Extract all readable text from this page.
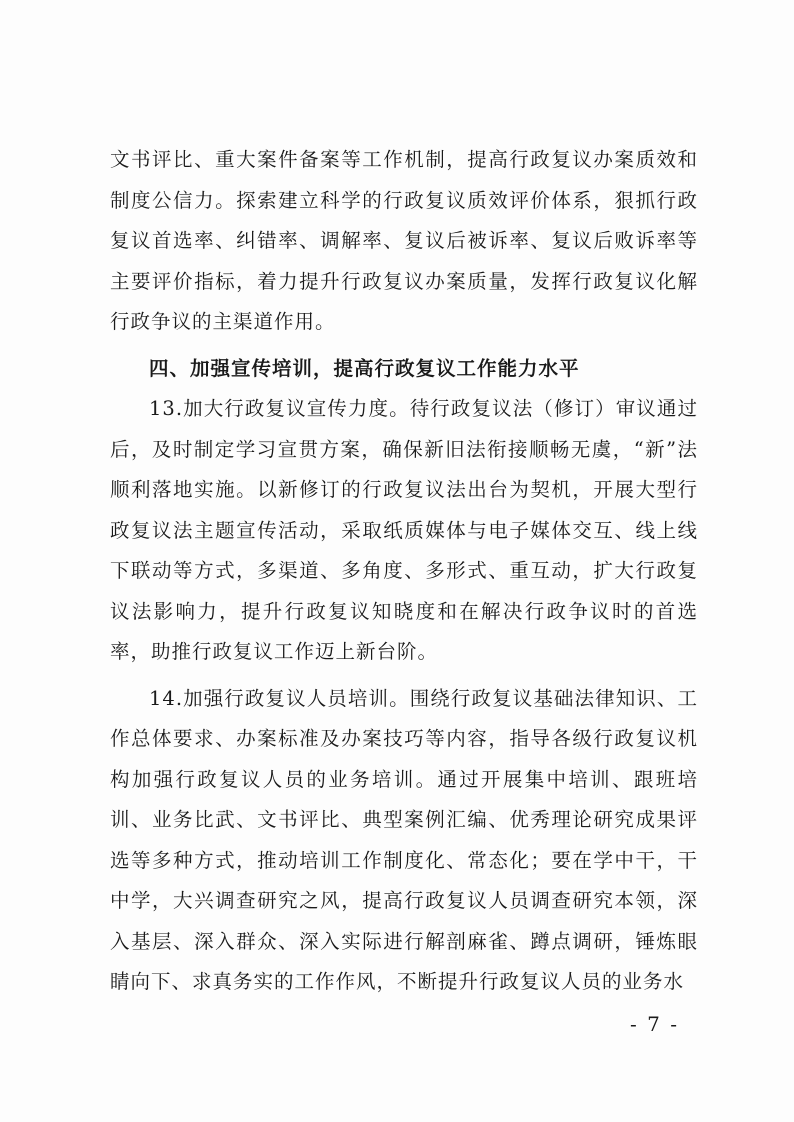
文书评比、重大案件备案等工作机制，提高行政复议办案质效和制度公信力。探索建立科学的行政复议质效评价体系，狠抓行政复议首选率、纠错率、调解率、复议后被诉率、复议后败诉率等主要评价指标，着力提升行政复议办案质量，发挥行政复议化解行政争议的主渠道作用。

四、加强宣传培训，提高行政复议工作能力水平

13.加大行政复议宣传力度。待行政复议法（修订）审议通过后，及时制定学习宣贯方案，确保新旧法衔接顺畅无虞，“新”法顺利落地实施。以新修订的行政复议法出台为契机，开展大型行政复议法主题宣传活动，采取纸质媒体与电子媒体交互、线上线下联动等方式，多渠道、多角度、多形式、重互动，扩大行政复议法影响力，提升行政复议知晓度和在解决行政争议时的首选率，助推行政复议工作迈上新台阶。

14.加强行政复议人员培训。围绕行政复议基础法律知识、工作总体要求、办案标准及办案技巧等内容，指导各级行政复议机构加强行政复议人员的业务培训。通过开展集中培训、跟班培训、业务比武、文书评比、典型案例汇编、优秀理论研究成果评选等多种方式，推动培训工作制度化、常态化；要在学中干，干中学，大兴调查研究之风，提高行政复议人员调查研究本领，深入基层、深入群众、深入实际进行解剖麻雀、蹲点调研，锤炼眼睛向下、求真务实的工作作风，不断提升行政复议人员的业务水

- 7 -
